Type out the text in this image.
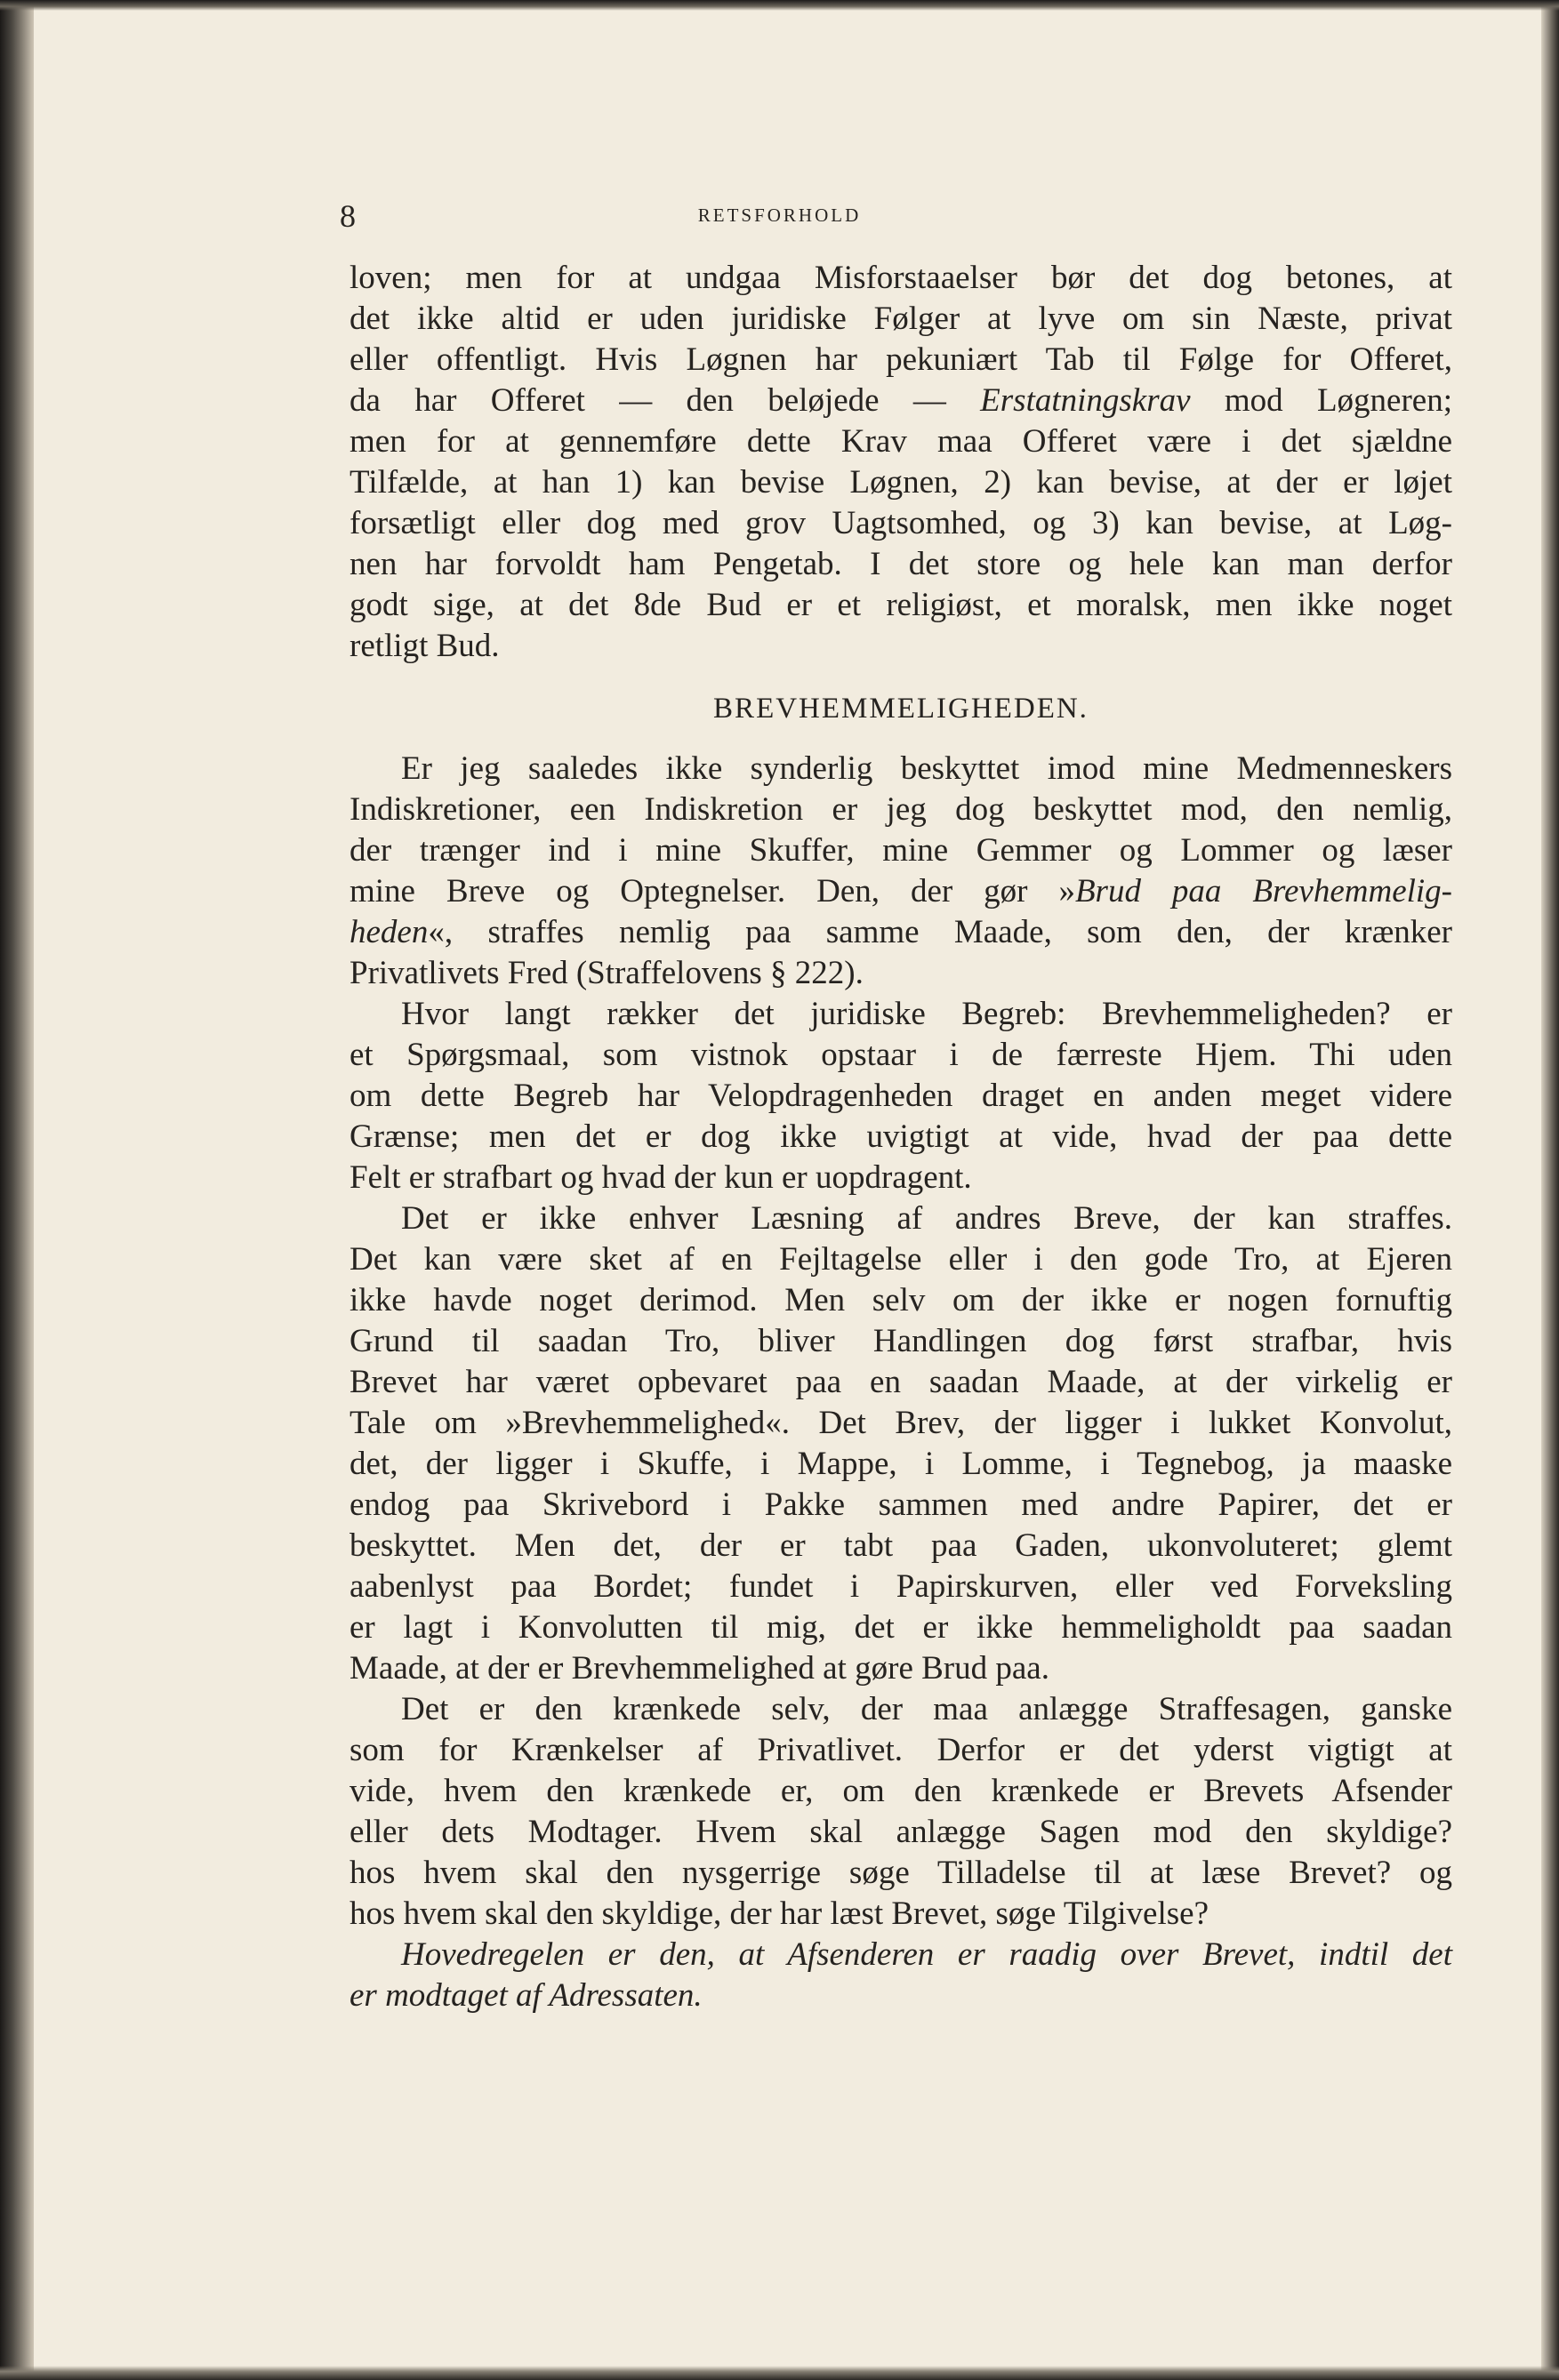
8	RETSFORHOLD
loven; men for at undgaa Misforstaaelser bør det dog betones, at
det ikke altid er uden juridiske Følger at lyve om sin Næste, privat
eller offentligt. Hvis Løgnen har pekuniært Tab til Følge for Offeret,
da har Offeret — den beløjede — Erstatningskrav mod Løgneren;
men for at gennemføre dette Krav maa Offeret være i det sjældne
Tilfælde, at han 1) kan bevise Løgnen, 2) kan bevise, at der er løjet
forsætligt eller dog med grov Uagtsomhed, og 3) kan bevise, at Løg-
nen har forvoldt ham Pengetab. I det store og hele kan man derfor
godt sige, at det 8de Bud er et religiøst, et moralsk, men ikke noget
retligt Bud.
BREVHEMMELIGHEDEN.
Er jeg saaledes ikke synderlig beskyttet imod mine Medmenneskers
Indiskretioner, een Indiskretion er jeg dog beskyttet mod, den nemlig,
der trænger ind i mine Skuffer, mine Gemmer og Lommer og læser
mine Breve og Optegnelser. Den, der gør »Brud paa Brevhemmelig-
heden«, straffes nemlig paa samme Maade, som den, der krænker
Privatlivets Fred (Straffelovens § 222).
Hvor langt rækker det juridiske Begreb: Brevhemmeligheden? er
et Spørgsmaal, som vistnok opstaar i de færreste Hjem. Thi uden
om dette Begreb har Velopdragenheden draget en anden meget videre
Grænse; men det er dog ikke uvigtigt at vide, hvad der paa dette
Felt er strafbart og hvad der kun er uopdragent.
Det er ikke enhver Læsning af andres Breve, der kan straffes.
Det kan være sket af en Fejltagelse eller i den gode Tro, at Ejeren
ikke havde noget derimod. Men selv om der ikke er nogen fornuftig
Grund til saadan Tro, bliver Handlingen dog først strafbar, hvis
Brevet har været opbevaret paa en saadan Maade, at der virkelig er
Tale om »Brevhemmelighed«. Det Brev, der ligger i lukket Konvolut,
det, der ligger i Skuffe, i Mappe, i Lomme, i Tegnebog, ja maaske
endog paa Skrivebord i Pakke sammen med andre Papirer, det er
beskyttet. Men det, der er tabt paa Gaden, ukonvoluteret; glemt
aabenlyst paa Bordet; fundet i Papirskurven, eller ved Forveksling
er lagt i Konvolutten til mig, det er ikke hemmeligholdt paa saadan
Maade, at der er Brevhemmelighed at gøre Brud paa.
Det er den krænkede selv, der maa anlægge Straffesagen, ganske
som for Krænkelser af Privatlivet. Derfor er det yderst vigtigt at
vide, hvem den krænkede er, om den krænkede er Brevets Afsender
eller dets Modtager. Hvem skal anlægge Sagen mod den skyldige?
hos hvem skal den nysgerrige søge Tilladelse til at læse Brevet? og
hos hvem skal den skyldige, der har læst Brevet, søge Tilgivelse?
Hovedregelen er den, at Afsenderen er raadig over Brevet, indtil det
er modtaget af Adressaten.
